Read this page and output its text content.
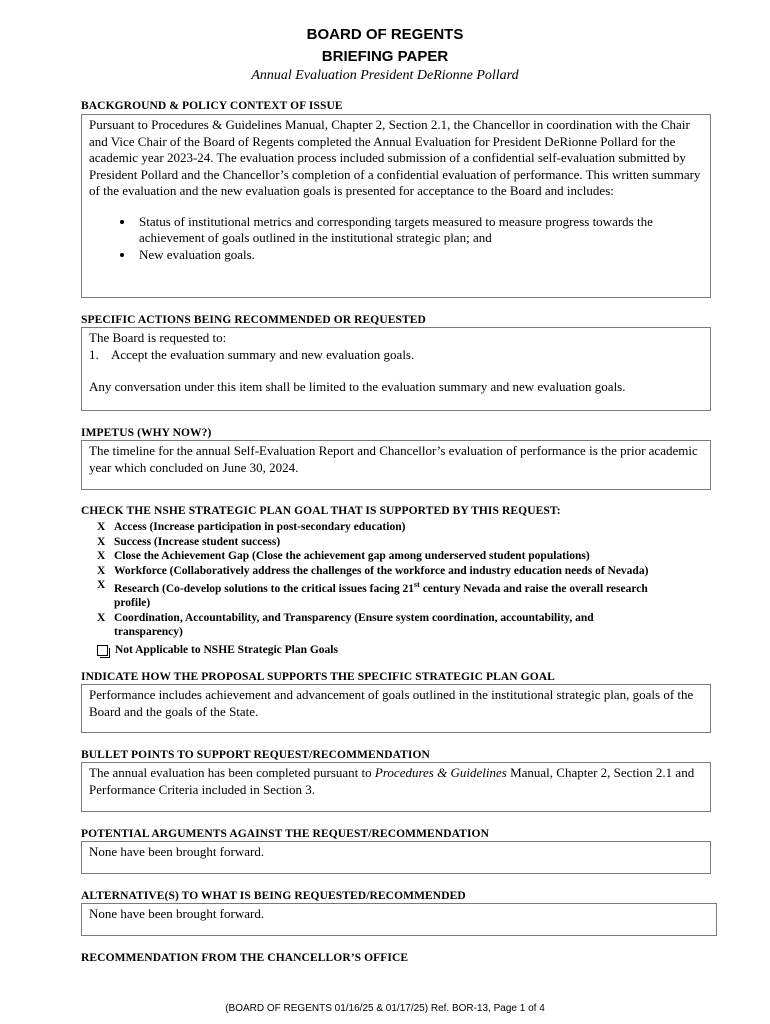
BOARD OF REGENTS
BRIEFING PAPER
Annual Evaluation President DeRionne Pollard
BACKGROUND & POLICY CONTEXT OF ISSUE

Pursuant to Procedures & Guidelines Manual, Chapter 2, Section 2.1, the Chancellor in coordination with the Chair and Vice Chair of the Board of Regents completed the Annual Evaluation for President DeRionne Pollard for the academic year 2023-24. The evaluation process included submission of a confidential self-evaluation submitted by President Pollard and the Chancellor’s completion of a confidential evaluation of performance. This written summary of the evaluation and the new evaluation goals is presented for acceptance to the Board and includes:

• Status of institutional metrics and corresponding targets measured to measure progress towards the achievement of goals outlined in the institutional strategic plan; and
• New evaluation goals.
SPECIFIC ACTIONS BEING RECOMMENDED OR REQUESTED

The Board is requested to:

1. Accept the evaluation summary and new evaluation goals.

Any conversation under this item shall be limited to the evaluation summary and new evaluation goals.

IMPETUS (WHY NOW?)

The timeline for the annual Self-Evaluation Report and Chancellor’s evaluation of performance is the prior academic year which concluded on June 30, 2024.

CHECK THE NSHE STRATEGIC PLAN GOAL THAT IS SUPPORTED BY THIS REQUEST:
X Access (Increase participation in post-secondary education)
X Success (Increase student success)
X Close the Achievement Gap (Close the achievement gap among underserved student populations)
X Workforce (Collaboratively address the challenges of the workforce and industry education needs of Nevada)
X Research (Co-develop solutions to the critical issues facing 21st century Nevada and raise the overall research profile)
X Coordination, Accountability, and Transparency (Ensure system coordination, accountability, and transparency)
Not Applicable to NSHE Strategic Plan Goals
INDICATE HOW THE PROPOSAL SUPPORTS THE SPECIFIC STRATEGIC PLAN GOAL

Performance includes achievement and advancement of goals outlined in the institutional strategic plan, goals of the Board and the goals of the State.

BULLET POINTS TO SUPPORT REQUEST/RECOMMENDATION

The annual evaluation has been completed pursuant to Procedures & Guidelines Manual, Chapter 2, Section 2.1 and Performance Criteria included in Section 3.

POTENTIAL ARGUMENTS AGAINST THE REQUEST/RECOMMENDATION

None have been brought forward.

ALTERNATIVE(S) TO WHAT IS BEING REQUESTED/RECOMMENDED

None have been brought forward.

RECOMMENDATION FROM THE CHANCELLOR’S OFFICE
(BOARD OF REGENTS 01/16/25 & 01/17/25) Ref. BOR-13, Page 1 of 4
